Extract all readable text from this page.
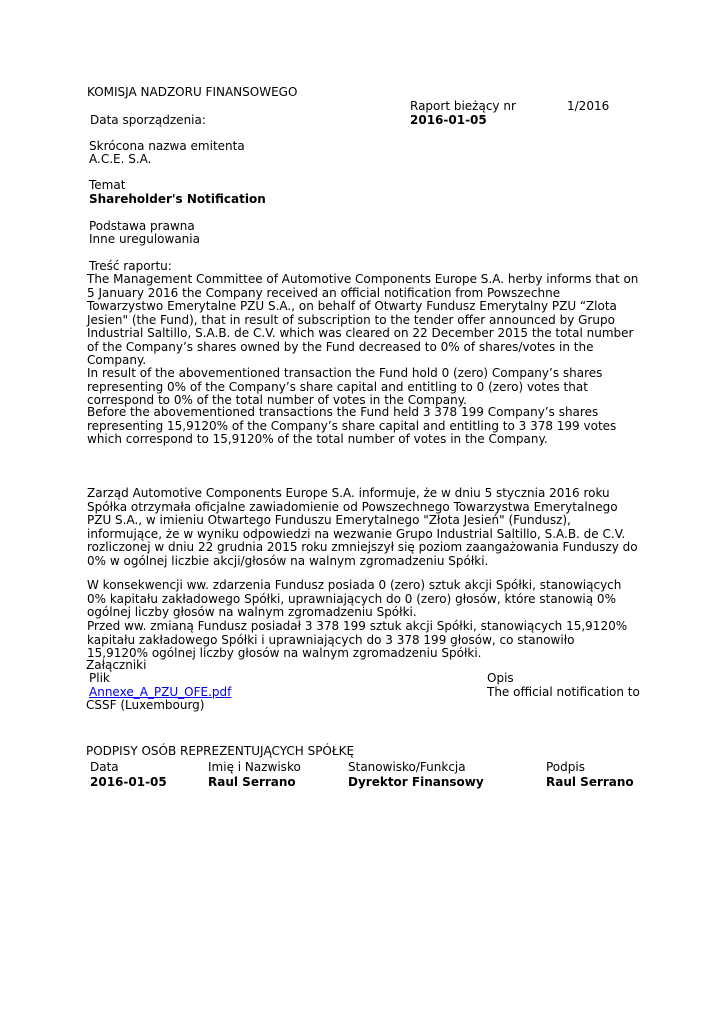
KOMISJA NADZORU FINANSOWEGO
Raport bieżący nr	1/2016
Data sporządzenia:	2016-01-05
Skrócona nazwa emitenta
A.C.E. S.A.
Temat
Shareholder's Notification
Podstawa prawna
Inne uregulowania
Treść raportu:
The Management Committee of Automotive Components Europe S.A. herby informs that on 5 January 2016 the Company received an official notification from Powszechne Towarzystwo Emerytalne PZU S.A., on behalf of Otwarty Fundusz Emerytalny PZU “Zlota Jesien" (the Fund), that in result of subscription to the tender offer announced by Grupo Industrial Saltillo, S.A.B. de C.V. which was cleared on 22 December 2015 the total number of the Company’s shares owned by the Fund decreased to 0% of shares/votes in the Company.
In result of the abovementioned transaction the Fund hold 0 (zero) Company’s shares representing 0% of the Company’s share capital and entitling to 0 (zero) votes that correspond to 0% of the total number of votes in the Company.
Before the abovementioned transactions the Fund held 3 378 199 Company’s shares representing 15,9120% of the Company’s share capital and entitling to 3 378 199 votes which correspond to 15,9120% of the total number of votes in the Company.
Zarząd Automotive Components Europe S.A. informuje, że w dniu 5 stycznia 2016 roku Spółka otrzymała oficjalne zawiadomienie od Powszechnego Towarzystwa Emerytalnego PZU S.A., w imieniu Otwartego Funduszu Emerytalnego "Złota Jesień" (Fundusz), informujące, że w wyniku odpowiedzi na wezwanie Grupo Industrial Saltillo, S.A.B. de C.V. rozliczonej w dniu 22 grudnia 2015 roku zmniejszył się poziom zaangażowania Funduszy do 0% w ogólnej liczbie akcji/głosów na walnym zgromadzeniu Spółki.
W konsekwencji ww. zdarzenia Fundusz posiada 0 (zero) sztuk akcji Spółki, stanowiących 0% kapitału zakładowego Spółki, uprawniających do 0 (zero) głosów, które stanowią 0% ogólnej liczby głosów na walnym zgromadzeniu Spółki.
Przed ww. zmianą Fundusz posiadał 3 378 199 sztuk akcji Spółki, stanowiących 15,9120% kapitału zakładowego Spółki i uprawniających do 3 378 199 głosów, co stanowiło 15,9120% ogólnej liczby głosów na walnym zgromadzeniu Spółki.
Załączniki
Plik	Opis
Annexe_A_PZU_OFE.pdf	The official notification to
CSSF (Luxembourg)
PODPISY OSÓB REPREZENTUJĄCYCH SPÓŁKĘ
Data	Imię i Nazwisko	Stanowisko/Funkcja	Podpis
2016-01-05	Raul Serrano	Dyrektor Finansowy	Raul Serrano
